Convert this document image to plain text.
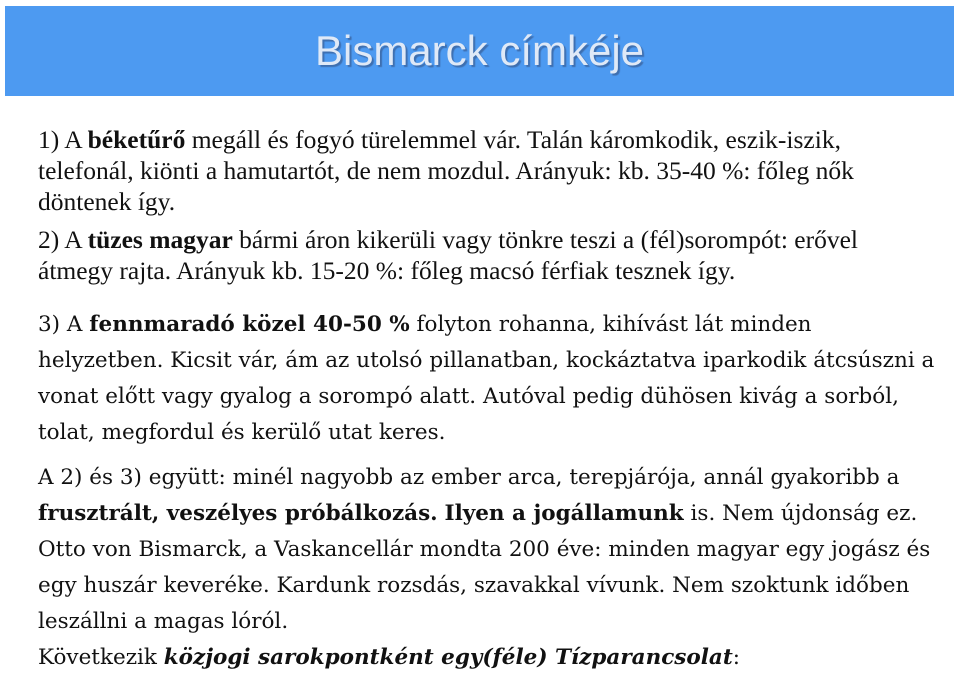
Bismarck címkéje

1) A béketűrő megáll és fogyó türelemmel vár. Talán káromkodik, eszik-iszik, telefonál, kiönti a hamutartót, de nem mozdul. Arányuk: kb. 35-40 %: főleg nők döntenek így.

2) A tüzes magyar bármi áron kikerüli vagy tönkre teszi a (fél)sorompót: erővel átmegy rajta. Arányuk kb. 15-20 %: főleg macsó férfiak tesznek így.

3) A fennmaradó közel 40-50 % folyton rohanna, kihívást lát minden helyzetben. Kicsit vár, ám az utolsó pillanatban, kockáztatva iparkodik átcsúszni a vonat előtt vagy gyalog a sorompó alatt. Autóval pedig dühösen kivág a sorból, tolat, megfordul és kerülő utat keres.

A 2) és 3) együtt: minél nagyobb az ember arca, terepjárója, annál gyakoribb a frusztrált, veszélyes próbálkozás. Ilyen a jogállamunk is. Nem újdonság ez. Otto von Bismarck, a Vaskancellár mondta 200 éve: minden magyar egy jogász és egy huszár keveréke. Kardunk rozsdás, szavakkal vívunk. Nem szoktunk időben leszállni a magas lóról.

Következik közjogi sarokpontként egy(féle) Tízparancsolat:
